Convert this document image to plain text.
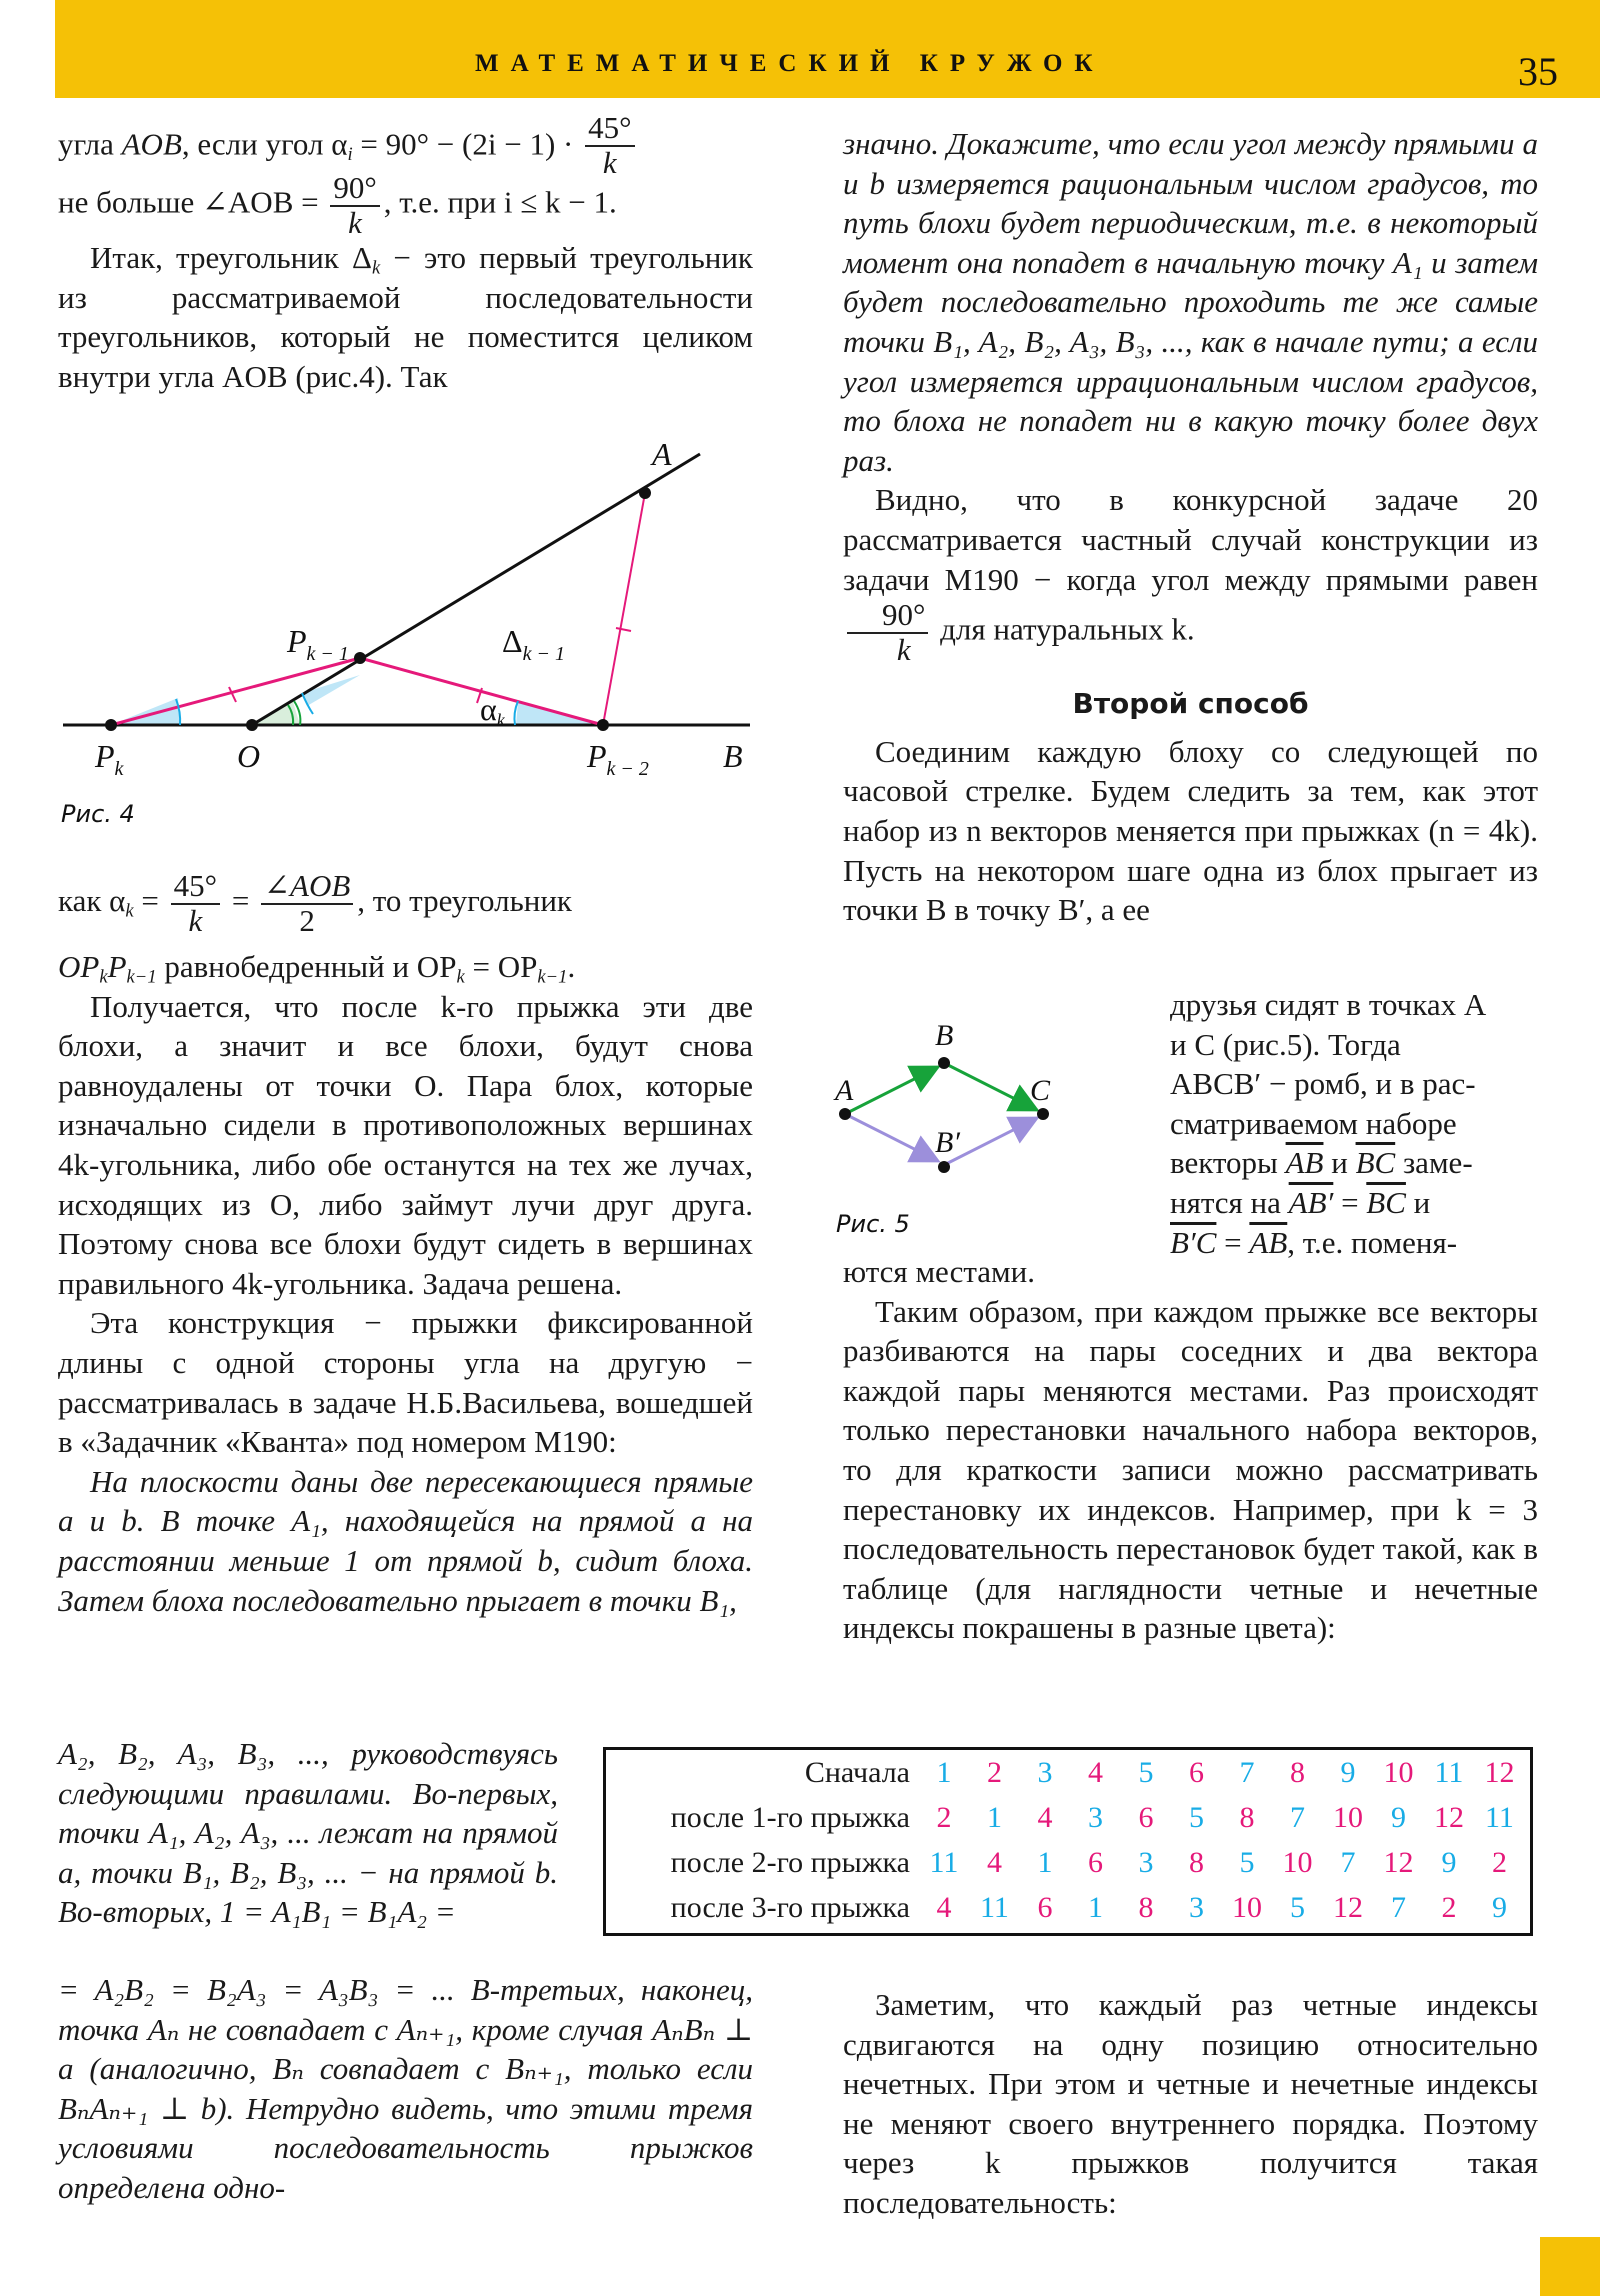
МАТЕМАТИЧЕСКИЙ КРУЖОК	35

угла AOB, если угол $\alpha_i = 90^\circ - (2i - 1) \cdot \frac{45^\circ}{k}$

не больше ∠AOB = $\frac{90^\circ}{k}$ , т.е. при i ≤ k − 1.

Итак, треугольник $\Delta_k$ − это первый треугольник из рассматриваемой последовательности треугольников, который не поместится целиком внутри угла AOB (рис.4). Так

A
$P_{k - 1}$	$\Delta_{k - 1}$
αk
$P_k$	O	$P_{k - 2}$ B
Рис. 4

как $\alpha_k = \frac{45^\circ}{k} = \frac{\text{∠AOB}}{2}$ , то треугольник

$OP_kP_{k-1}$ равнобедренный и $OP_k = OP_{k-1}$.

Получается, что после k-го прыжка эти две блохи, а значит и все блохи, будут снова равноудалены от точки O. Пара блох, которые изначально сидели в противоположных вершинах 4k-угольника, либо обе останутся на тех же лучах, исходящих из O, либо займут лучи друг друга. Поэтому снова все блохи будут сидеть в вершинах правильного 4k-угольника. Задача решена.

Эта конструкция − прыжки фиксированной длины с одной стороны угла на другую − рассматривалась в задаче Н.Б.Васильева, вошедшей в «Задачник «Кванта» под номером М190:

На плоскости даны две пересекающиеся прямые a и b. В точке A₁, находящейся на прямой a на расстоянии меньше 1 от прямой b, сидит блоха. Затем блоха последовательно прыгает в точки B₁,

A₂, B₂, A₃, B₃, ..., руководствуясь следующими правилами. Во-первых, точки A₁, A₂, A₃, ... лежат на прямой a, точки B₁, B₂, B₃, ... − на прямой b. Во-вторых, 1 = A₁B₁ = B₁A₂ =

= A₂B₂ = B₂A₃ = A₃B₃ = ... В-третьих, наконец, точка Aₙ не совпадает с Aₙ₊₁, кроме случая AₙBₙ ⊥ a (аналогично, Bₙ совпадает с Bₙ₊₁, только если BₙAₙ₊₁ ⊥ b). Нетрудно видеть, что этими тремя условиями последовательность прыжков определена одно-

значно. Докажите, что если угол между прямыми a и b измеряется рациональным числом градусов, то путь блохи будет периодическим, т.е. в некоторый момент она попадет в начальную точку A₁ и затем будет последовательно проходить те же самые точки B₁, A₂, B₂, A₃, B₃, ..., как в начале пути; а если угол измеряется иррациональным числом градусов, то блоха не попадет ни в какую точку более двух раз.

Видно, что в конкурсной задаче 20 рассматривается частный случай конструкции из задачи М190 − когда угол между прямыми равен
$\frac{90^\circ}{k}$ для натуральных k.

Второй способ

Соединим каждую блоху со следующей по часовой стрелке. Будем следить за тем, как этот набор из n векторов меняется при прыжках (n = 4k). Пусть на некотором шаге одна из блох прыгает из точки B в точку B′, а ее

A
B
C
B′
Рис. 5

друзья сидят в точках A

и C (рис.5). Тогда

ABCB′ − ромб, и в рас-

сматриваемом наборе

векторы $\overline{AB}$ и $\overline{BC}$ заме-

нятся на $AB' = \overline{BC}$ и

$B'C = \overline{AB}$, т.е. поменя-

ются местами.

Таким образом, при каждом прыжке все векторы разбиваются на пары соседних и два вектора каждой пары меняются местами. Раз происходят только перестановки начального набора векторов, то для краткости записи можно рассматривать перестановку их индексов. Например, при k = 3 последовательность перестановок будет такой, как в таблице (для наглядности четные и нечетные индексы покрашены в разные цвета):

Сначала 1	2	3	4	5	6	7	8	9 10 11 12
после 1-го прыжка 2	1	4	3	6	5	8	7 10 9 12 11
после 2-го прыжка 11 4	1	6	3	8	5 10 7 12 9	2
после 3-го прыжка 4 11 6	1	8	3 10 5 12 7	2	9

Заметим, что каждый раз четные индексы сдвигаются на одну позицию относительно нечетных. При этом и четные и нечетные индексы не меняют своего внутреннего порядка. Поэтому через k прыжков получится такая последовательность:
